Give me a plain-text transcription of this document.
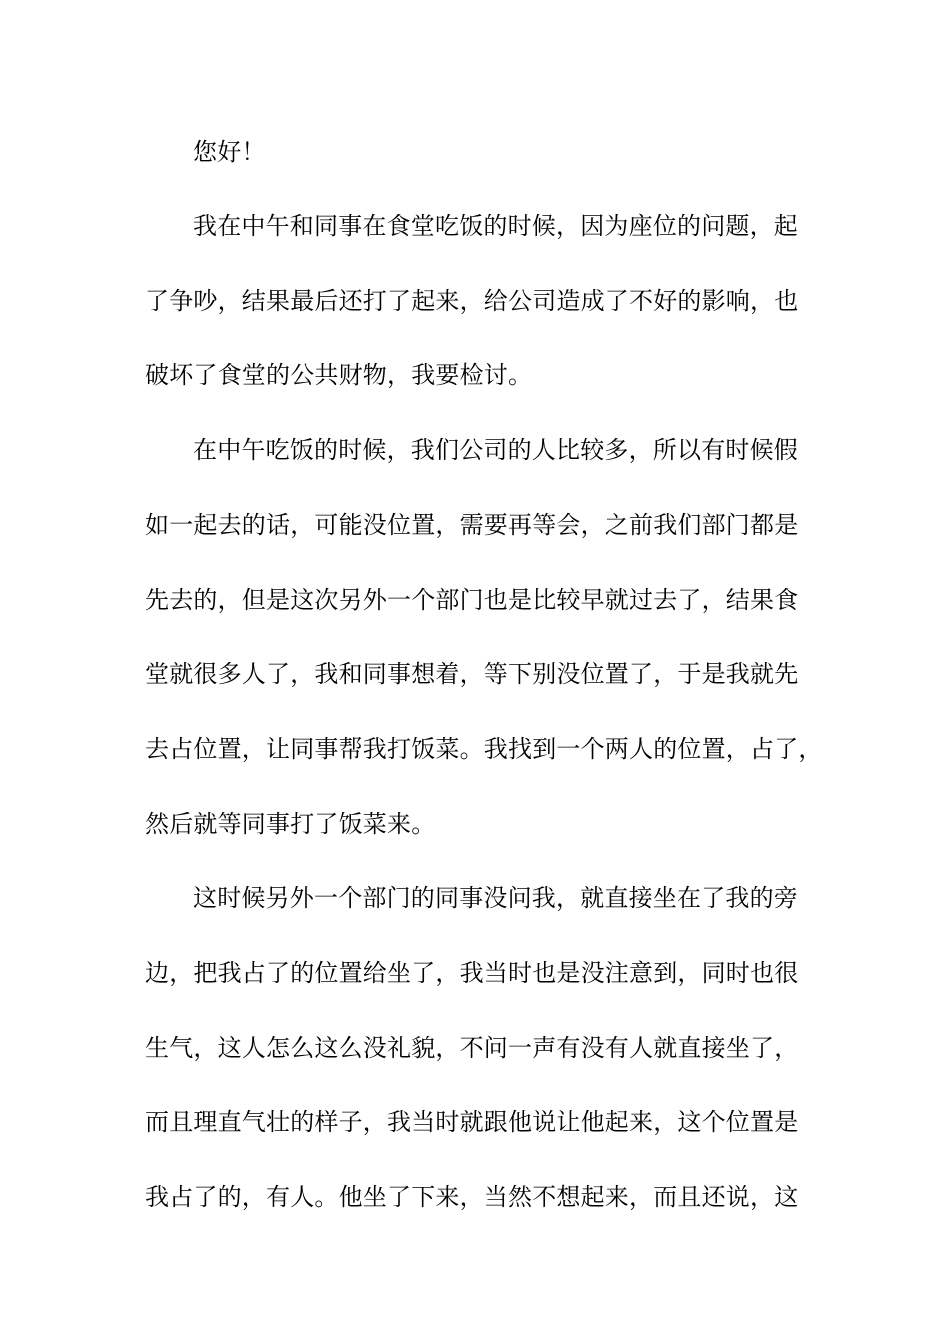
您好！
我在中午和同事在食堂吃饭的时候，因为座位的问题，起
了争吵，结果最后还打了起来，给公司造成了不好的影响，也
破坏了食堂的公共财物，我要检讨。
在中午吃饭的时候，我们公司的人比较多，所以有时候假
如一起去的话，可能没位置，需要再等会，之前我们部门都是
先去的，但是这次另外一个部门也是比较早就过去了，结果食
堂就很多人了，我和同事想着，等下别没位置了，于是我就先
去占位置，让同事帮我打饭菜。我找到一个两人的位置，占了，
然后就等同事打了饭菜来。
这时候另外一个部门的同事没问我，就直接坐在了我的旁
边，把我占了的位置给坐了，我当时也是没注意到，同时也很
生气，这人怎么这么没礼貌，不问一声有没有人就直接坐了，
而且理直气壮的样子，我当时就跟他说让他起来，这个位置是
我占了的，有人。他坐了下来，当然不想起来，而且还说，这
